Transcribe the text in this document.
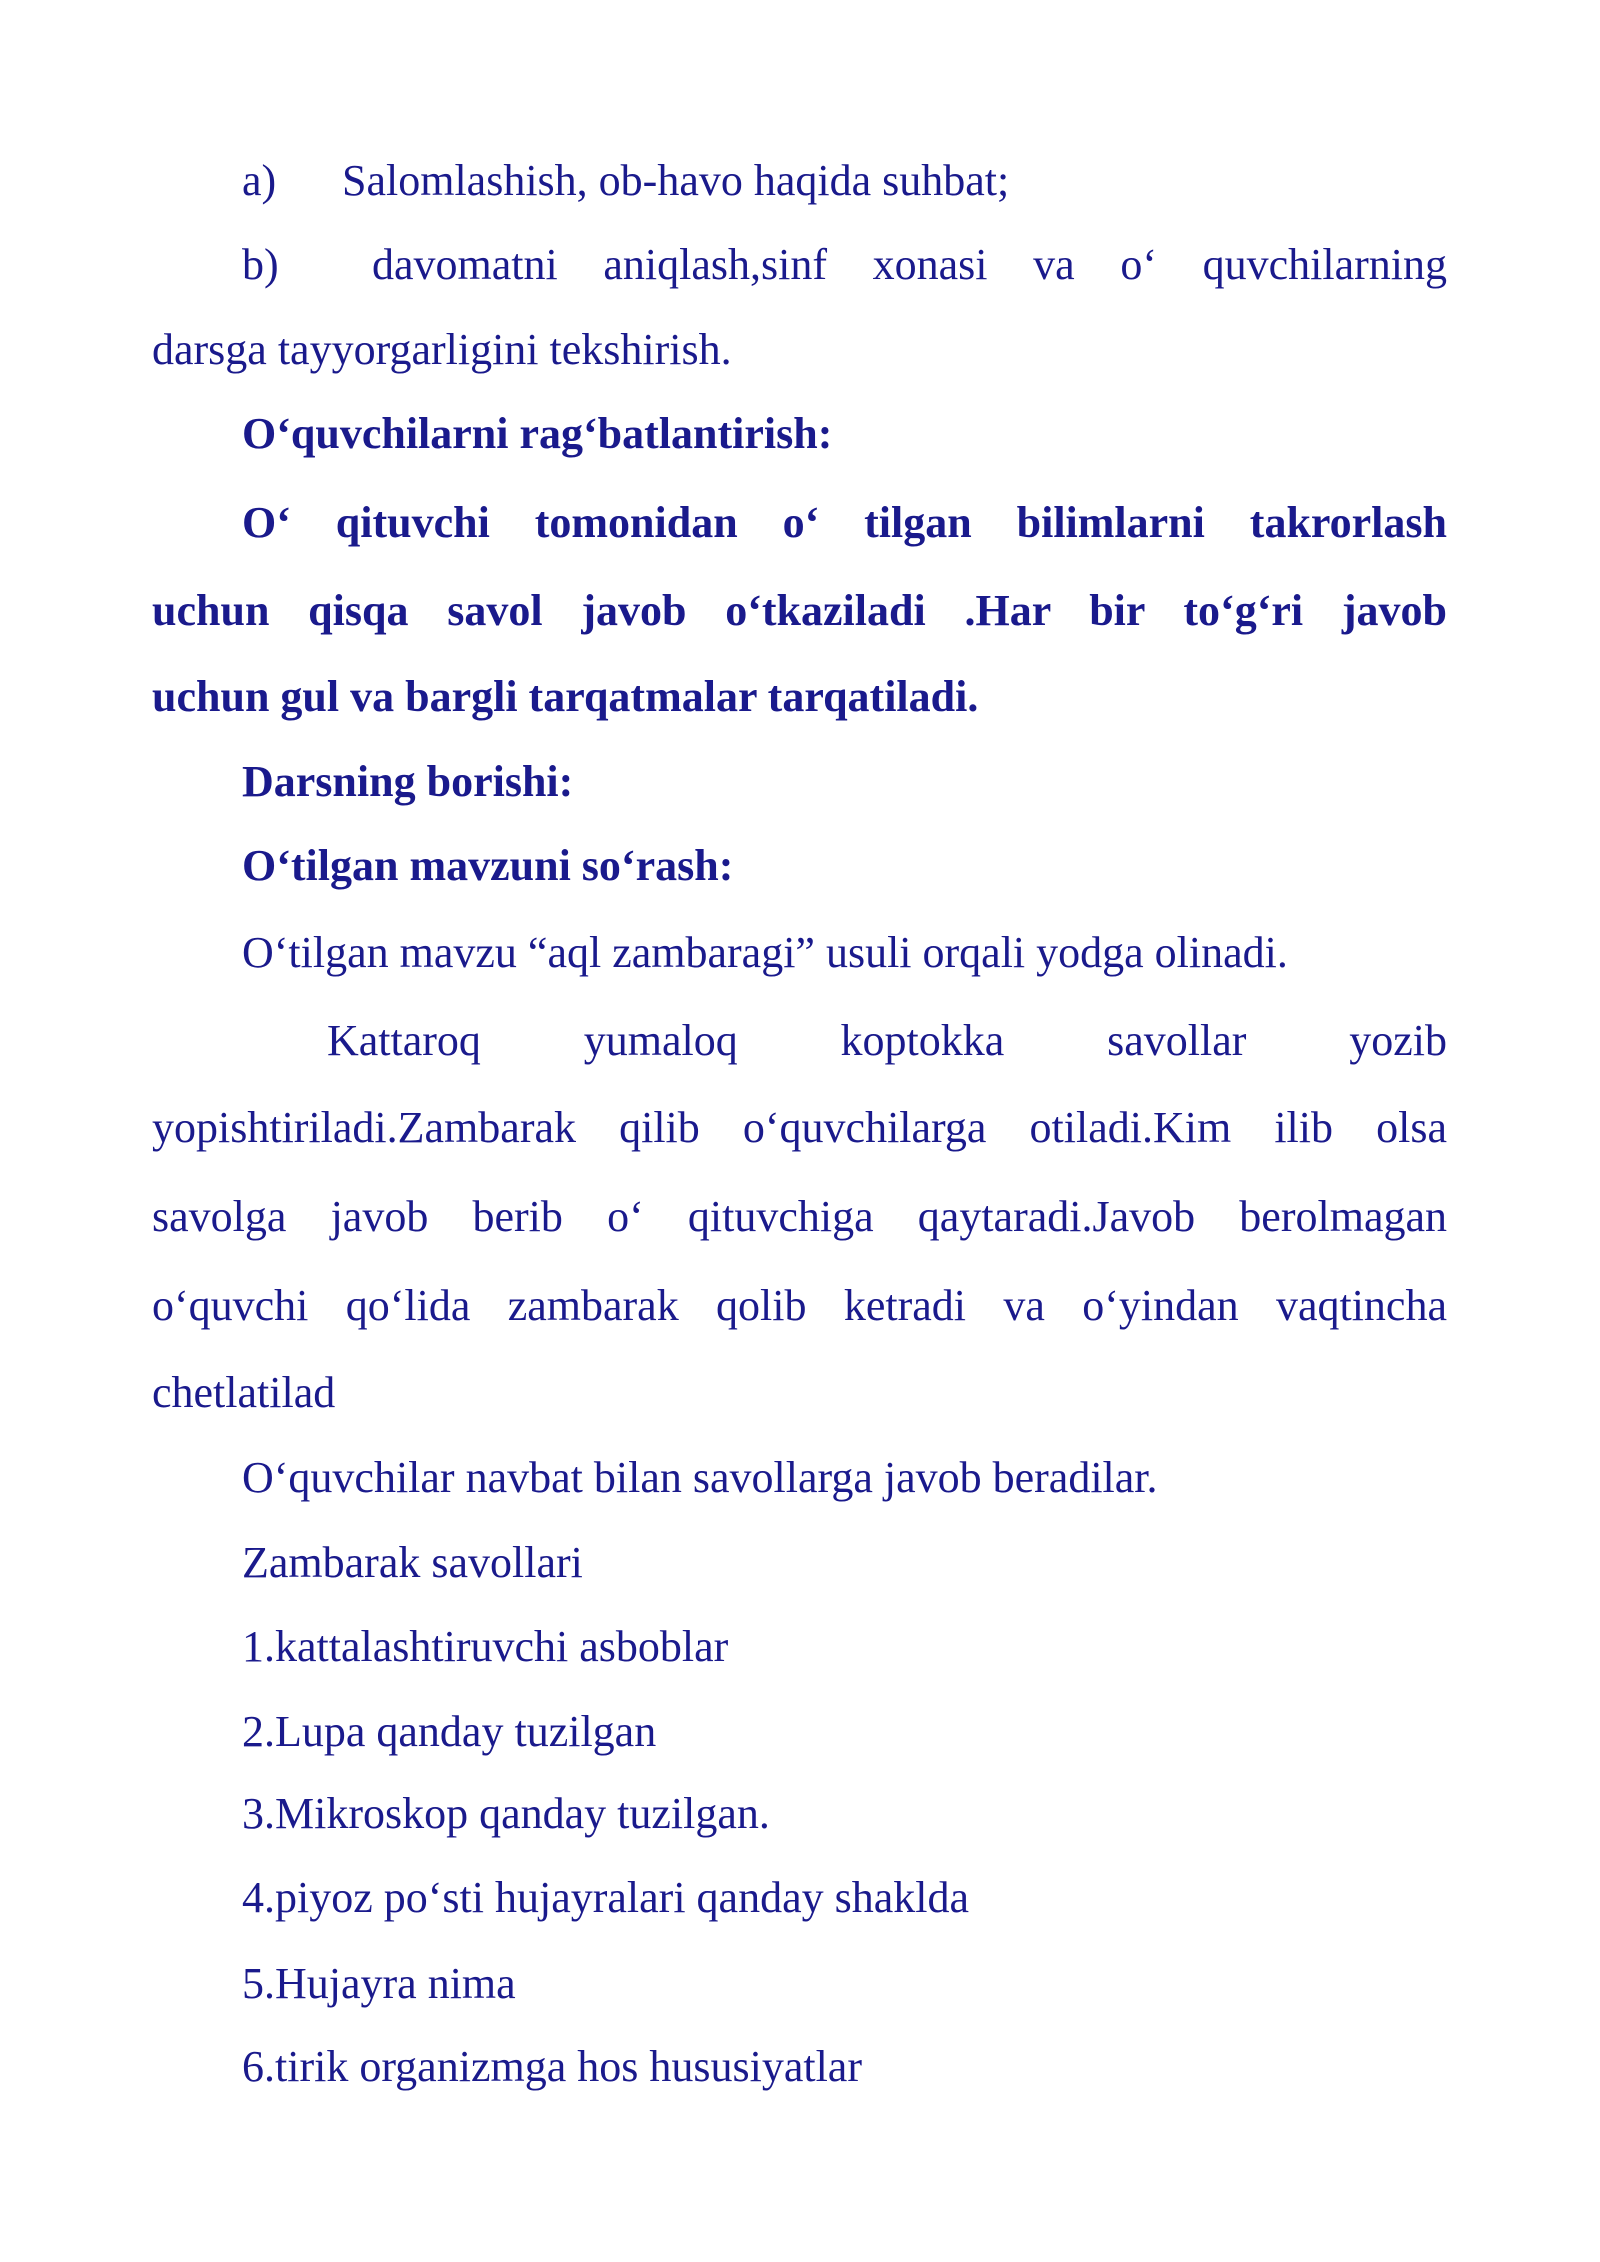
a) Salomlashish, ob-havo haqida suhbat;
b) davomatni aniqlash,sinf xonasi va oʻ quvchilarning
darsga tayyorgarligini tekshirish.
Oʻquvchilarni ragʻbatlantirish:
Oʻ qituvchi tomonidan oʻ tilgan bilimlarni takrorlash
uchun qisqa savol javob oʻtkaziladi .Har bir toʻgʻri javob
uchun gul va bargli tarqatmalar tarqatiladi.
Darsning borishi:
Oʻtilgan mavzuni soʻrash:
Oʻtilgan mavzu “aql zambaragi” usuli orqali yodga olinadi.
Kattaroq yumaloq koptokka savollar yozib
yopishtiriladi.Zambarak qilib oʻquvchilarga otiladi.Kim ilib olsa
savolga javob berib oʻ qituvchiga qaytaradi.Javob berolmagan
oʻquvchi qoʻlida zambarak qolib ketradi va oʻyindan vaqtincha
chetlatilad
Oʻquvchilar navbat bilan savollarga javob beradilar.
Zambarak savollari
1.kattalashtiruvchi asboblar
2.Lupa qanday tuzilgan
3.Mikroskop qanday tuzilgan.
4.piyoz poʻsti hujayralari qanday shaklda
5.Hujayra nima
6.tirik organizmga hos hususiyatlar
